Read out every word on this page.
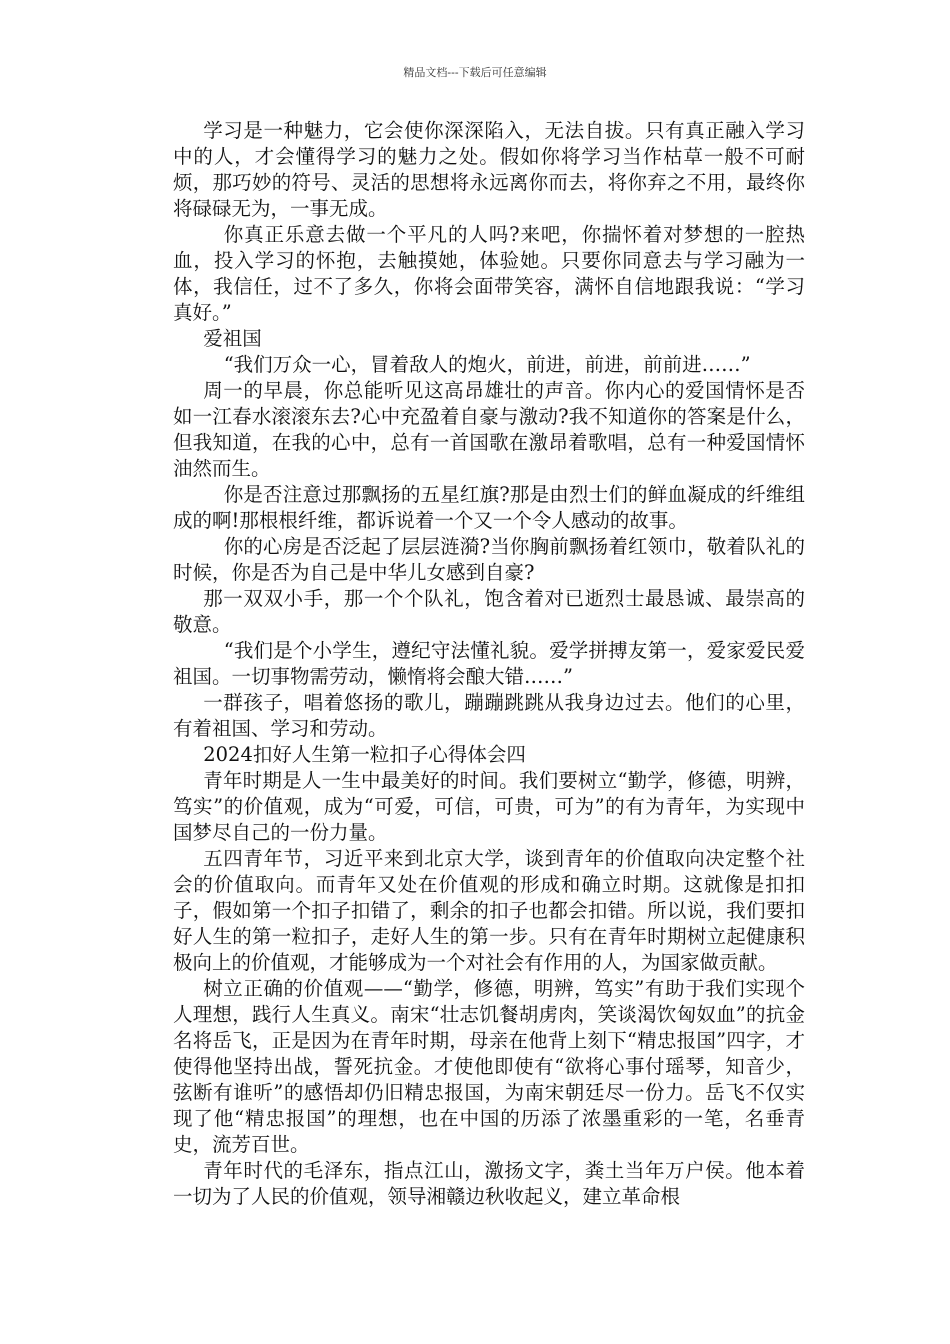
精品文档---下载后可任意编辑

学习是一种魅力，它会使你深深陷入，无法自拔。只有真正融入学习中的人，才会懂得学习的魅力之处。假如你将学习当作枯草一般不可耐烦，那巧妙的符号、灵活的思想将永远离你而去，将你弃之不用，最终你将碌碌无为，一事无成。

你真正乐意去做一个平凡的人吗?来吧，你揣怀着对梦想的一腔热血，投入学习的怀抱，去触摸她，体验她。只要你同意去与学习融为一体，我信任，过不了多久，你将会面带笑容，满怀自信地跟我说：“学习真好。”

爱祖国

“我们万众一心，冒着敌人的炮火，前进，前进，前前进……”

周一的早晨，你总能听见这高昂雄壮的声音。你内心的爱国情怀是否如一江春水滚滚东去?心中充盈着自豪与激动?我不知道你的答案是什么，但我知道，在我的心中，总有一首国歌在激昂着歌唱，总有一种爱国情怀油然而生。

你是否注意过那飘扬的五星红旗?那是由烈士们的鲜血凝成的纤维组成的啊!那根根纤维，都诉说着一个又一个令人感动的故事。

你的心房是否泛起了层层涟漪?当你胸前飘扬着红领巾，敬着队礼的时候，你是否为自己是中华儿女感到自豪?

那一双双小手，那一个个队礼，饱含着对已逝烈士最恳诚、最崇高的敬意。

“我们是个小学生，遵纪守法懂礼貌。爱学拼搏友第一，爱家爱民爱祖国。一切事物需劳动，懒惰将会酿大错……”

一群孩子，唱着悠扬的歌儿，蹦蹦跳跳从我身边过去。他们的心里，有着祖国、学习和劳动。

2024扣好人生第一粒扣子心得体会四

青年时期是人一生中最美好的时间。我们要树立“勤学，修德，明辨，笃实”的价值观，成为“可爱，可信，可贵，可为”的有为青年，为实现中国梦尽自己的一份力量。

五四青年节，习近平来到北京大学，谈到青年的价值取向决定整个社会的价值取向。而青年又处在价值观的形成和确立时期。这就像是扣扣子，假如第一个扣子扣错了，剩余的扣子也都会扣错。所以说，我们要扣好人生的第一粒扣子，走好人生的第一步。只有在青年时期树立起健康积极向上的价值观，才能够成为一个对社会有作用的人，为国家做贡献。

树立正确的价值观——“勤学，修德，明辨，笃实”有助于我们实现个人理想，践行人生真义。南宋“壮志饥餐胡虏肉，笑谈渴饮匈奴血”的抗金名将岳飞，正是因为在青年时期，母亲在他背上刻下“精忠报国”四字，才使得他坚持出战，誓死抗金。才使他即使有“欲将心事付瑶琴，知音少，弦断有谁听”的感悟却仍旧精忠报国，为南宋朝廷尽一份力。岳飞不仅实现了他“精忠报国”的理想，也在中国的历添了浓墨重彩的一笔，名垂青史，流芳百世。

青年时代的毛泽东，指点江山，激扬文字，粪土当年万户侯。他本着一切为了人民的价值观，领导湘赣边秋收起义，建立革命根
